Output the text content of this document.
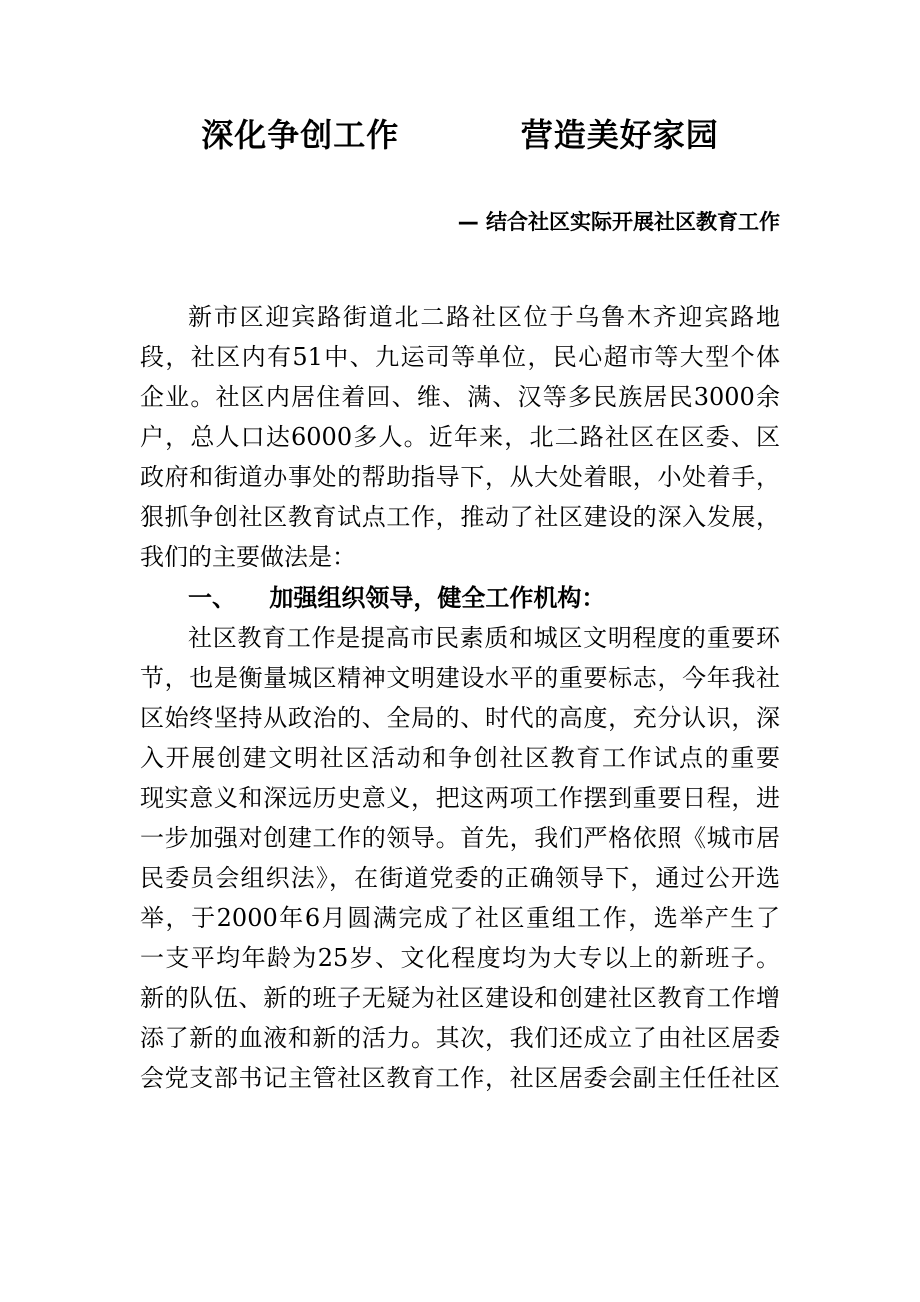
深化争创工作          营造美好家园
— 结合社区实际开展社区教育工作
新市区迎宾路街道北二路社区位于乌鲁木齐迎宾路地
段，社区内有51中、九运司等单位，民心超市等大型个体
企业。社区内居住着回、维、满、汉等多民族居民3000余
户，总人口达6000多人。近年来，北二路社区在区委、区
政府和街道办事处的帮助指导下，从大处着眼，小处着手，
狠抓争创社区教育试点工作，推动了社区建设的深入发展，
我们的主要做法是：
一、    加强组织领导，健全工作机构：
社区教育工作是提高市民素质和城区文明程度的重要环
节，也是衡量城区精神文明建设水平的重要标志，今年我社
区始终坚持从政治的、全局的、时代的高度，充分认识，深
入开展创建文明社区活动和争创社区教育工作试点的重要
现实意义和深远历史意义，把这两项工作摆到重要日程，进
一步加强对创建工作的领导。首先，我们严格依照《城市居
民委员会组织法》，在街道党委的正确领导下，通过公开选
举，于2000年6月圆满完成了社区重组工作，选举产生了
一支平均年龄为25岁、文化程度均为大专以上的新班子。
新的队伍、新的班子无疑为社区建设和创建社区教育工作增
添了新的血液和新的活力。其次，我们还成立了由社区居委
会党支部书记主管社区教育工作，社区居委会副主任任社区
